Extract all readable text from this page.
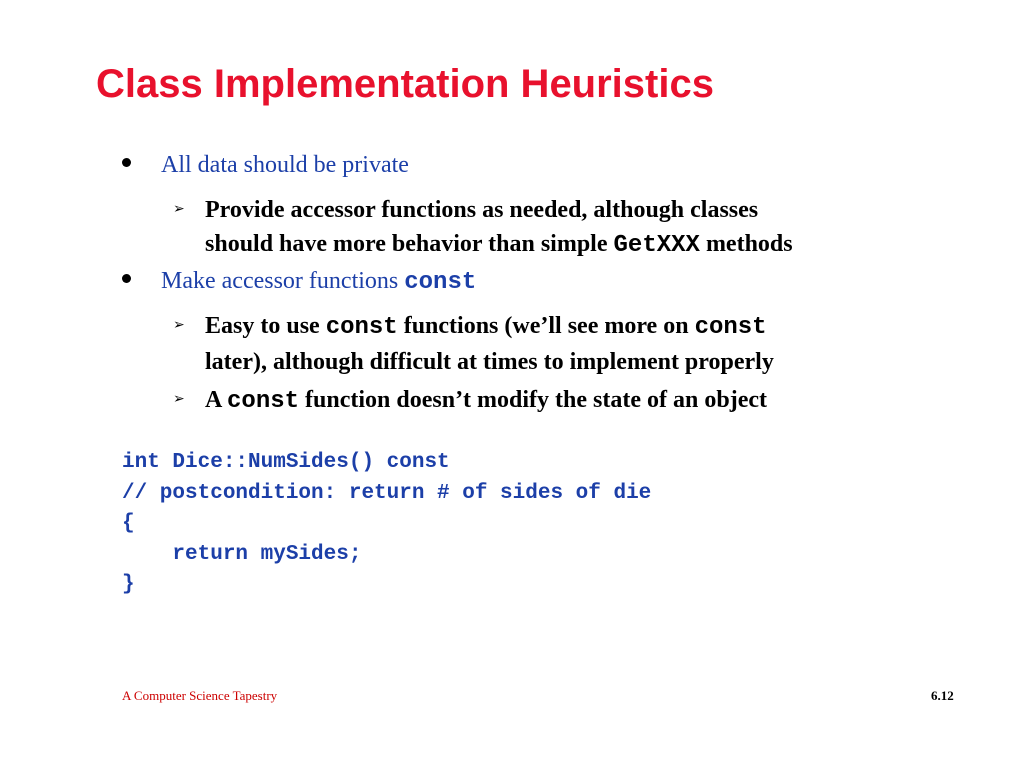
Class Implementation Heuristics
All data should be private
➢ Provide accessor functions as needed, although classes
should have more behavior than simple GetXXX methods
Make accessor functions const
➢ Easy to use const functions (we’ll see more on const
later), although difficult at times to implement properly
➢ A const function doesn’t modify the state of an object
int Dice::NumSides() const
// postcondition: return # of sides of die
{
return mySides;
}
A Computer Science Tapestry	6.12
